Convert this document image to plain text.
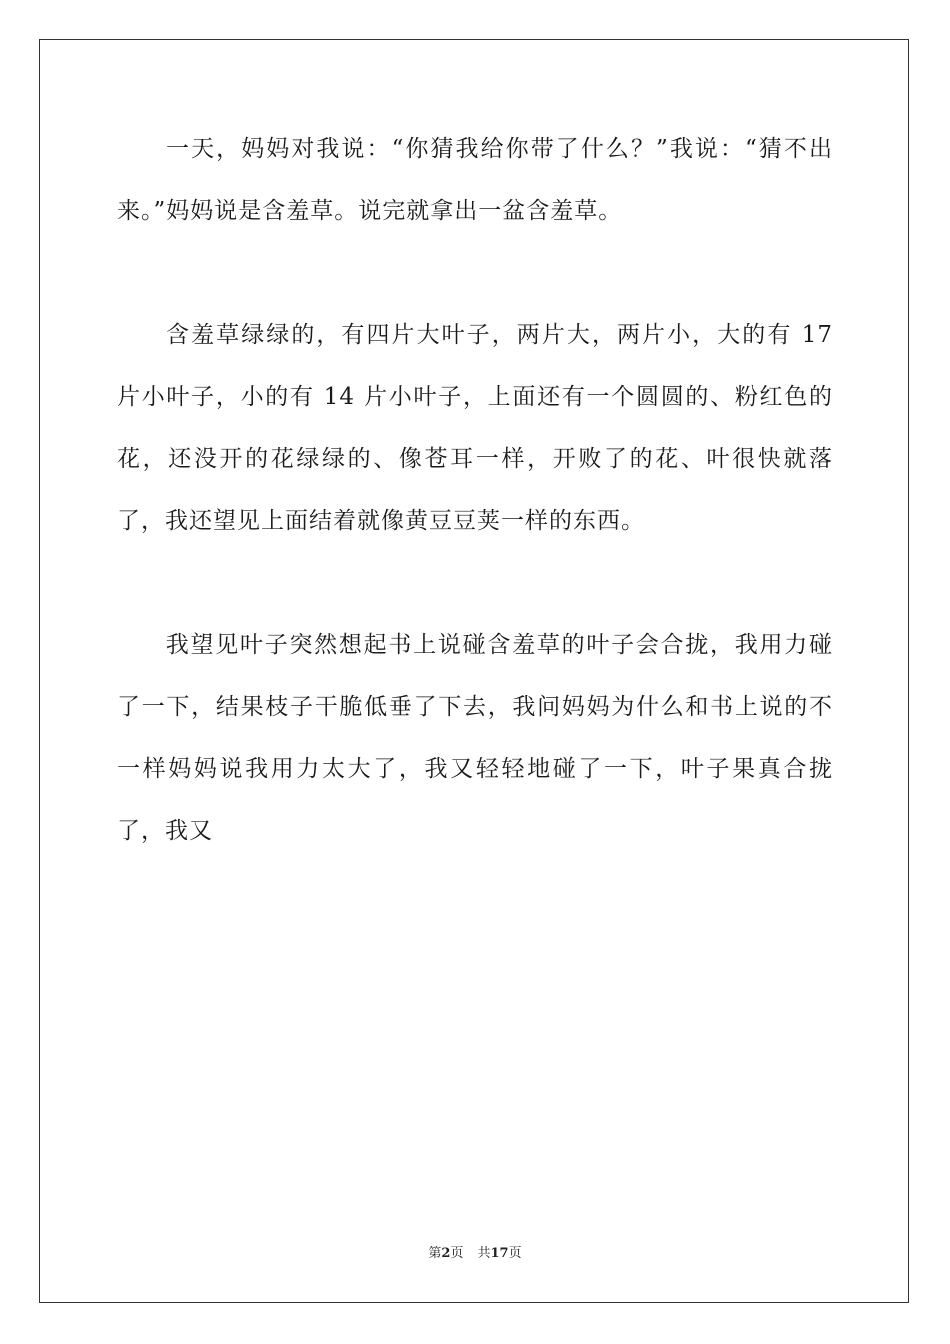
一天，妈妈对我说：“你猜我给你带了什么？”我说：“猜不出来。”妈妈说是含羞草。说完就拿出一盆含羞草。

含羞草绿绿的，有四片大叶子，两片大，两片小，大的有 17 片小叶子，小的有 14 片小叶子，上面还有一个圆圆的、粉红色的花，还没开的花绿绿的、像苍耳一样，开败了的花、叶很快就落了，我还望见上面结着就像黄豆豆荚一样的东西。

我望见叶子突然想起书上说碰含羞草的叶子会合拢，我用力碰了一下，结果枝子干脆低垂了下去，我问妈妈为什么和书上说的不一样妈妈说我用力太大了，我又轻轻地碰了一下，叶子果真合拢了，我又

第2页 共17页
